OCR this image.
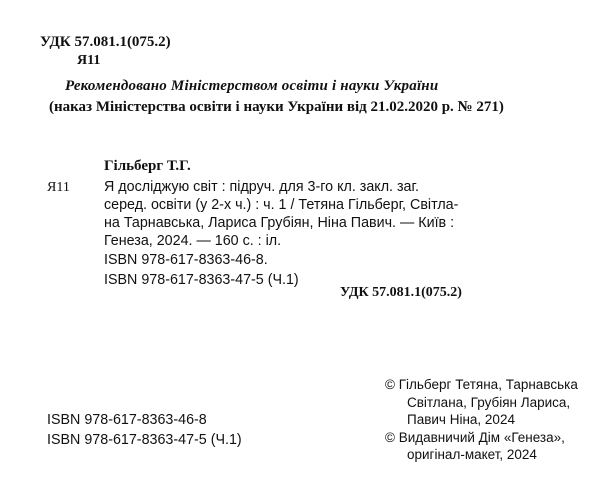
УДК 57.081.1(075.2)
Я11
Рекомендовано Міністерством освіти і науки України
(наказ Міністерства освіти і науки України від 21.02.2020 р. № 271)
Гільберг Т.Г.
Я11 Я досліджую світ : підруч. для 3-го кл. закл. заг.
серед. освіти (у 2-х ч.) : ч. 1 / Тетяна Гільберг, Світла-
на Тарнавська, Лариса Грубіян, Ніна Павич. — Київ :
Генеза, 2024. — 160 с. : іл.
ISBN 978-617-8363-46-8.
ISBN 978-617-8363-47-5 (Ч.1)
УДК 57.081.1(075.2)
ISBN 978-617-8363-46-8
ISBN 978-617-8363-47-5 (Ч.1)
© Гільберг Тетяна, Тарнавська
Світлана, Грубіян Лариса,
Павич Ніна, 2024
© Видавничий Дім «Генеза»,
оригінал-макет, 2024
